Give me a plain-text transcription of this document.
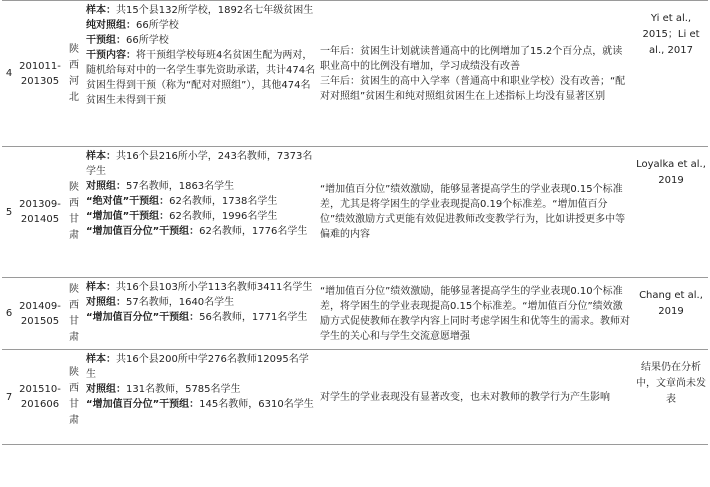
4	201011-201305	陕
西
河
北	样本：共15个县132所学校，1892名七年级贫困生
纯对照组：66所学校
干预组：66所学校
干预内容：将干预组学校每班4名贫困生配为两对，随机给每对中的一名学生事先资助承诺，共计474名贫困生得到干预（称为“配对对照组”），其他474名贫困生未得到干预	一年后：贫困生计划就读普通高中的比例增加了15.2个百分点，就读职业高中的比例没有增加，学习成绩没有改善
三年后：贫困生的高中入学率（普通高中和职业学校）没有改善；“配对对照组”贫困生和纯对照组贫困生在上述指标上均没有显著区别	Yi et al., 2015；Li et al., 2017
5	201309-201405	陕
西
甘
肃	样本：共16个县216所小学，243名教师，7373名学生
对照组：57名教师，1863名学生
“绝对值”干预组：62名教师，1738名学生
“增加值”干预组：62名教师，1996名学生
“增加值百分位”干预组：62名教师，1776名学生	“增加值百分位”绩效激励，能够显著提高学生的学业表现0.15个标准差，尤其是将学困生的学业表现提高0.19个标准差。“增加值百分位”绩效激励方式更能有效促进教师改变教学行为，比如讲授更多中等偏难的内容	Loyalka et al., 2019
6	201409-201505	陕
西
甘
肃	样本：共16个县103所小学113名教师3411名学生
对照组：57名教师，1640名学生
“增加值百分位”干预组：56名教师，1771名学生	“增加值百分位”绩效激励，能够显著提高学生的学业表现0.10个标准差，将学困生的学业表现提高0.15个标准差。“增加值百分位”绩效激励方式促使教师在教学内容上同时考虑学困生和优等生的需求。教师对学生的关心和与学生交流意愿增强	Chang et al., 2019
7	201510-201606	陕
西
甘
肃	样本：共16个县200所中学276名教师12095名学生
对照组：131名教师，5785名学生
“增加值百分位”干预组：145名教师，6310名学生	对学生的学业表现没有显著改变，也未对教师的教学行为产生影响	结果仍在分析中，文章尚未发表
